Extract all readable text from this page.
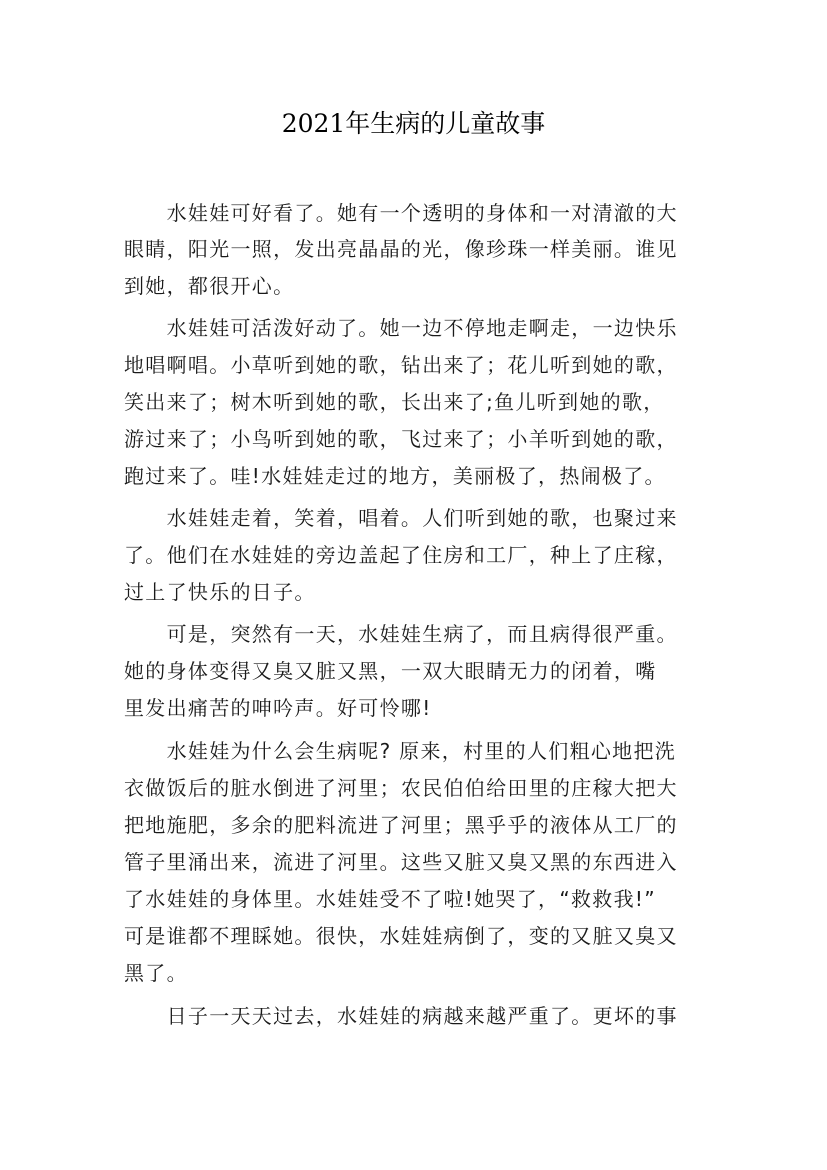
2021年生病的儿童故事
　　水娃娃可好看了。她有一个透明的身体和一对清澈的大
眼睛，阳光一照，发出亮晶晶的光，像珍珠一样美丽。谁见
到她，都很开心。
　　水娃娃可活泼好动了。她一边不停地走啊走，一边快乐
地唱啊唱。小草听到她的歌，钻出来了；花儿听到她的歌，
笑出来了；树木听到她的歌，长出来了;鱼儿听到她的歌，
游过来了；小鸟听到她的歌，飞过来了；小羊听到她的歌，
跑过来了。哇!水娃娃走过的地方，美丽极了，热闹极了。
　　水娃娃走着，笑着，唱着。人们听到她的歌，也聚过来
了。他们在水娃娃的旁边盖起了住房和工厂，种上了庄稼，
过上了快乐的日子。
　　可是，突然有一天，水娃娃生病了，而且病得很严重。
她的身体变得又臭又脏又黑，一双大眼睛无力的闭着，嘴
里发出痛苦的呻吟声。好可怜哪!
　　水娃娃为什么会生病呢? 原来，村里的人们粗心地把洗
衣做饭后的脏水倒进了河里；农民伯伯给田里的庄稼大把大
把地施肥，多余的肥料流进了河里；黑乎乎的液体从工厂的
管子里涌出来，流进了河里。这些又脏又臭又黑的东西进入
了水娃娃的身体里。水娃娃受不了啦!她哭了，“救救我!”
可是谁都不理睬她。很快，水娃娃病倒了，变的又脏又臭又
黑了。
　　日子一天天过去，水娃娃的病越来越严重了。更坏的事
